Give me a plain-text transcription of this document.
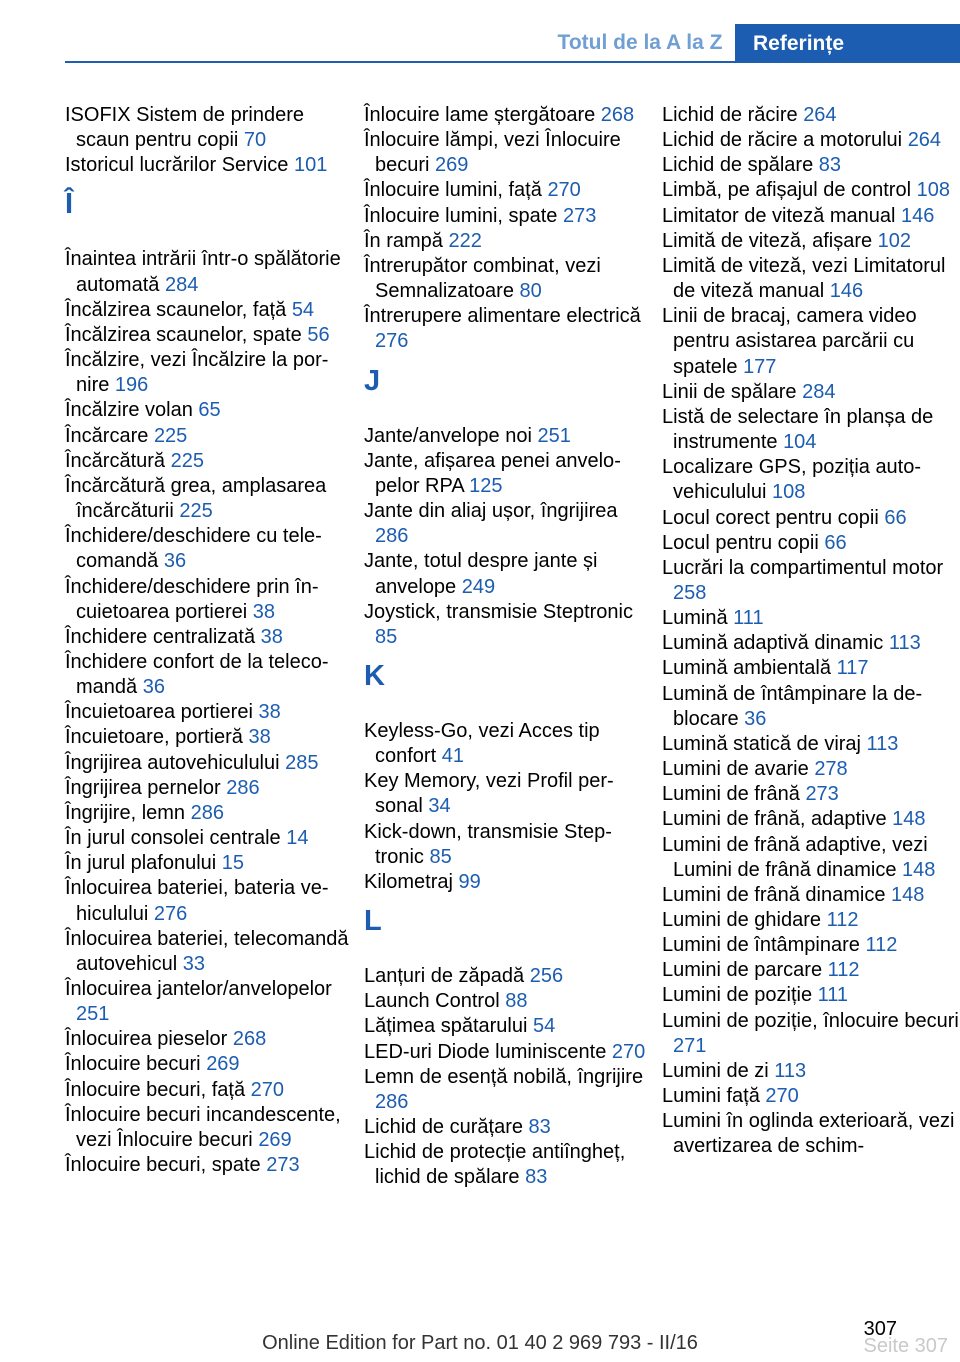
Totul de la A la Z	Referințe
ISOFIX Sistem de prindere scaun pentru copii 70
Istoricul lucrărilor Service 101
Î
Înaintea intrării într-o spălătorie automată 284
Încălzirea scaunelor, față 54
Încălzirea scaunelor, spate 56
Încălzire, vezi Încălzire la pornire 196
Încălzire volan 65
Încărcare 225
Încărcătură 225
Încărcătură grea, amplasarea încărcăturii 225
Închidere/deschidere cu telecomandă 36
Închidere/deschidere prin încuietoarea portierei 38
Închidere centralizată 38
Închidere confort de la telecomandă 36
Încuietoarea portierei 38
Încuietoare, portieră 38
Îngrijirea autovehiculului 285
Îngrijirea pernelor 286
Îngrijire, lemn 286
În jurul consolei centrale 14
În jurul plafonului 15
Înlocuirea bateriei, bateria vehiculului 276
Înlocuirea bateriei, telecomandă autovehicul 33
Înlocuirea jantelor/anvelopelor 251
Înlocuirea pieselor 268
Înlocuire becuri 269
Înlocuire becuri, față 270
Înlocuire becuri incandescente, vezi Înlocuire becuri 269
Înlocuire becuri, spate 273
Înlocuire lame ștergătoare 268
Înlocuire lămpi, vezi Înlocuire becuri 269
Înlocuire lumini, față 270
Înlocuire lumini, spate 273
În rampă 222
Întrerupător combinat, vezi Semnalizatoare 80
Întrerupere alimentare electrică 276
J
Jante/anvelope noi 251
Jante, afișarea penei anvelopelor RPA 125
Jante din aliaj ușor, îngrijirea 286
Jante, totul despre jante și anvelope 249
Joystick, transmisie Steptronic 85
K
Keyless-Go, vezi Acces tip confort 41
Key Memory, vezi Profil personal 34
Kick-down, transmisie Steptronic 85
Kilometraj 99
L
Lanțuri de zăpadă 256
Launch Control 88
Lățimea spătarului 54
LED-uri Diode luminiscente 270
Lemn de esență nobilă, îngrijire 286
Lichid de curățare 83
Lichid de protecție antiîngheț, lichid de spălare 83
Lichid de răcire 264
Lichid de răcire a motorului 264
Lichid de spălare 83
Limbă, pe afișajul de control 108
Limitator de viteză manual 146
Limită de viteză, afișare 102
Limită de viteză, vezi Limitatorul de viteză manual 146
Linii de bracaj, camera video pentru asistarea parcării cu spatele 177
Linii de spălare 284
Listă de selectare în planșa de instrumente 104
Localizare GPS, poziția autovehiculului 108
Locul corect pentru copii 66
Locul pentru copii 66
Lucrări la compartimentul motor 258
Lumină 111
Lumină adaptivă dinamic 113
Lumină ambientală 117
Lumină de întâmpinare la deblocare 36
Lumină statică de viraj 113
Lumini de avarie 278
Lumini de frână 273
Lumini de frână, adaptive 148
Lumini de frână adaptive, vezi Lumini de frână dinamice 148
Lumini de frână dinamice 148
Lumini de ghidare 112
Lumini de întâmpinare 112
Lumini de parcare 112
Lumini de poziție 111
Lumini de poziție, înlocuire becuri 271
Lumini de zi 113
Lumini față 270
Lumini în oglinda exterioară, vezi avertizarea de schim-
307
Online Edition for Part no. 01 40 2 969 793 - II/16	Seite 307
